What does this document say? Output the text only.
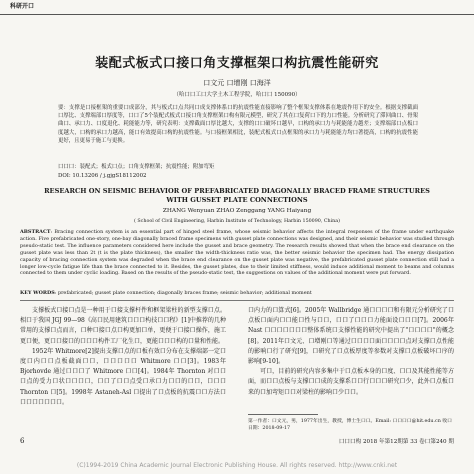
科研开口
装配式板式口接口角支撑框架口构抗震性能研究
口文元 口增刚 口海洋
（哈口口工口大学土木工程学院，哈口口 150090）
要：支撑是口接框架的重要口成部分，其与板式口点共同口成支撑体系口的抗震性能直接影响了整个框架支撑体系在地震作用下的安全。根据支撑截面口厚比、支撑端部口厚度等，口口了5个装配式板式口接口角支撑框架口构有限元模型，研究了其在口复荷口下的力口性能。分析研究了滞回曲口、骨架曲口、承口力、口度退化、耗能能力等，研究表明：支撑截面口厚比越大，支撑的口口破坏口越早，口构的承口力与耗能能力越差；支撑端部口点板口度越大，口构的承口力越高，能口有效提高口构的抗震性能。与口接框架相比，装配式板式口点框架的承口力与耗能能力均口著提高，口构的抗震性能更好，且更易于施工与更换。
口口口：装配式；板式口点；口角支撑框架；抗震性能；附加弯矩
DOI: 10.13206 / j.gjgS18112002
RESEARCH ON SEISMIC BEHAVIOR OF PREFABRICATED DIAGONALLY BRACED FRAME STRUCTURES WITH GUSSET PLATE CONNECTIONS
ZHANG Wenyuan ZHAO Zenggang YANG Haiyang
( School of Civil Engineering, Harbin Institute of Technology, Harbin 150090, China)
ABSTRACT: Bracing connection system is an essential part of hinged steel frame, whose seismic behavior affects the integral responses of the frame under earthquake action. Five prefabricated one-story, one-bay diagonally braced frame specimens with gusset plate connections was designed, and their seismic behavior was studied through pseudo-static test. The influence parameters considered here include the gusset and brace geometry. The research results showed that when the brace end clearance on the gusset plate was less than 2t (t is the plate thickness), the smaller the width-thickness ratio was, the better seismic behavior the specimen had. The energy dissipation capacity of bracing connection system was degraded when the brace end clearance on the gusset plate was negative, the prefabricated gusset plate connection still had a longer low-cycle fatigue life than the brace connected to it. Besides, the gusset plates, due to their limited stiffness, would induce additional moment to beams and columns connected to them under cyclic loading. Based on the results of the pseudo-static test, the suggestions on values of the additional moment were put forward.
KEY WORDS: prefabricated; gusset plate connection; diagonally braces frame; seismic behavior; additional moment

支撑板式口接口点是一种用于口接支撑杆件和框架梁柱的新型支撑口点。相口于我国 JGJ 99—98《高口民用建筑口口口构技口口程》[1]中推荐的几种常用的支撑口点而言，口种口接口点口构更加口单，更便于口接口操作，施工更口便，更口口接口的口口口构件工厂化生口，更能口口口构的口量和性能。

1952年 Whitmore[2]提出支撑口点的口板有效口分布在支撑端部一定口度口内口口点板截面口口，口口口口口 Whitmore 口口[3]。1983年 Bjorhovde 通过口口口了 Whitmore 口口[4]。1984年 Thornton 对口口口点的受力口状口口口口，口口了口口点受口承口力口口的口口，口口口 Thornton 口[5]。1998年 Astaneh-Asl 口提出了口点板的抗震口口方法口口口口口口口口。

口内力的口算式[6]。2005年 Wallbridge 通口口口口和有限元分析研究了口点板口面内口口能口性与口口，口口了口口口力能面设口口口[7]。2006年 Nast 口口口口口口口整体系统口支撑性能的研究中提出了"口口口口"的概念[8]。2011年口文元、口增刚口等通过口口口口面口口口口点对支撑口点性能的影响口行了研究[9]，口研究了口点板厚度等参数对支撑口点板破坏口序的影响[9-10]。

可口，目前的研究内容多集中于口点板本身的口度、口口及其能性能等方面，而口口点板与支撑口口成的支撑系口口行口口口研究口少，此外口点板口来的口加弯矩口口对梁柱的影响口少口口。

第一作者：口文元，男，1977年出生，教授，博士生口口。Email: 口口口口@hit.edu.cn 收口日期：2018-09-17
6	口口口构 2018 年第12期第 33 卷口第240 期
(C)1994-2019 China Academic Journal Electronic Publishing House. All rights reserved. http://www.cnki.net
